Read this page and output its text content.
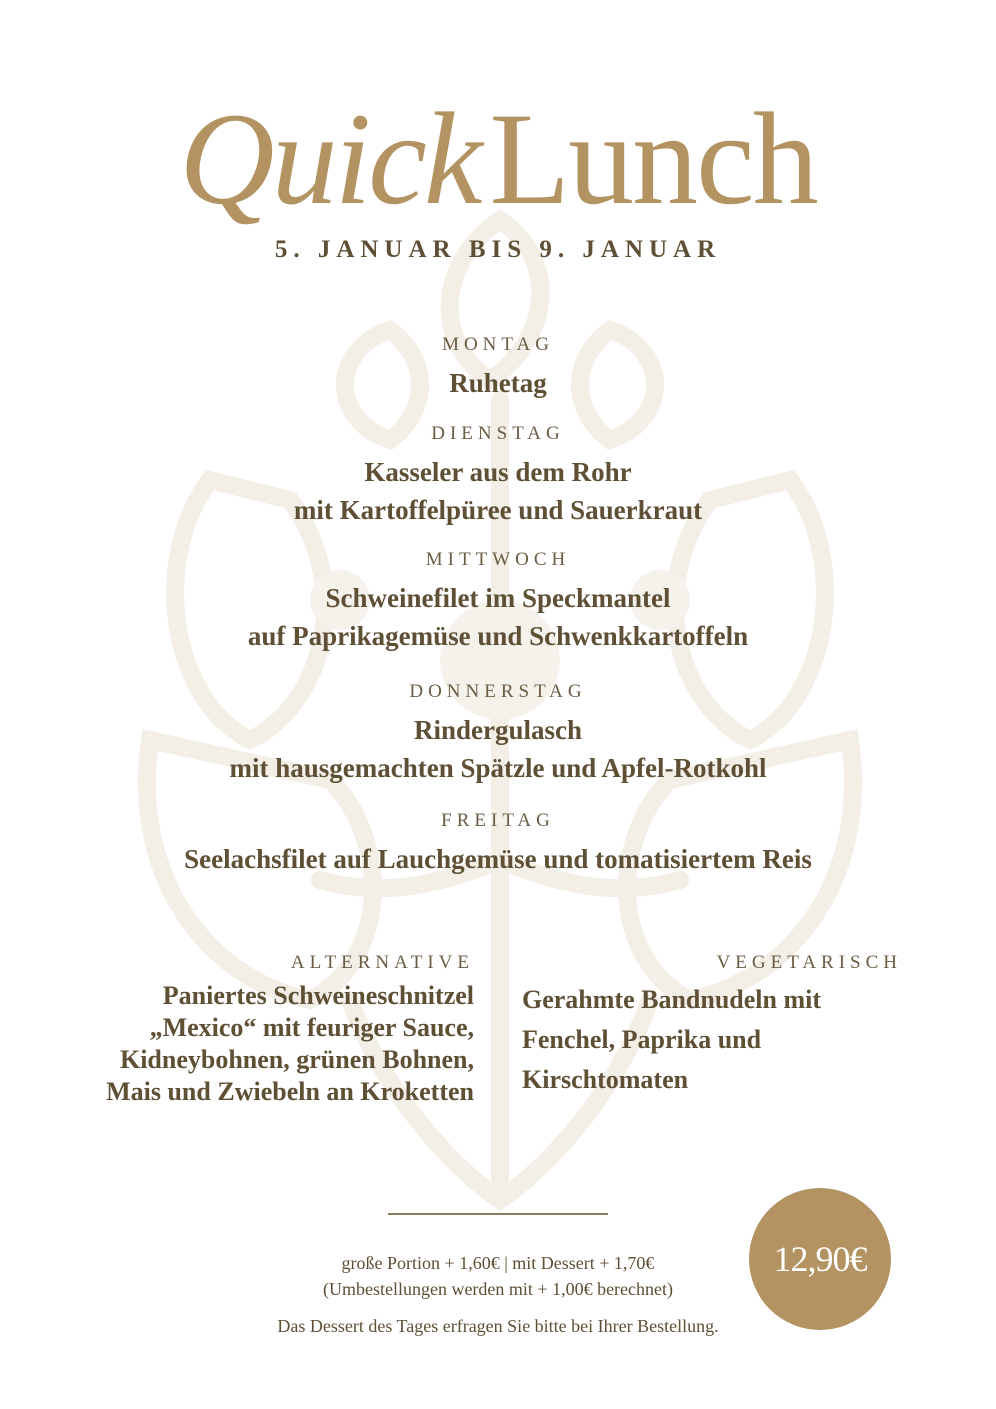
QuickLunch
5. JANUAR BIS 9. JANUAR
MONTAG
Ruhetag
DIENSTAG
Kasseler aus dem Rohr
mit Kartoffelpüree und Sauerkraut
MITTWOCH
Schweinefilet im Speckmantel
auf Paprikagemüse und Schwenkkartoffeln
DONNERSTAG
Rindergulasch
mit hausgemachten Spätzle und Apfel-Rotkohl
FREITAG
Seelachsfilet auf Lauchgemüse und tomatisiertem Reis
ALTERNATIVE
Paniertes Schweineschnitzel
„Mexico“ mit feuriger Sauce,
Kidneybohnen, grünen Bohnen,
Mais und Zwiebeln an Kroketten
VEGETARISCH
Gerahmte Bandnudeln mit
Fenchel, Paprika und
Kirschtomaten
große Portion + 1,60€ | mit Dessert + 1,70€
(Umbestellungen werden mit + 1,00€ berechnet)
Das Dessert des Tages erfragen Sie bitte bei Ihrer Bestellung.
12,90€
